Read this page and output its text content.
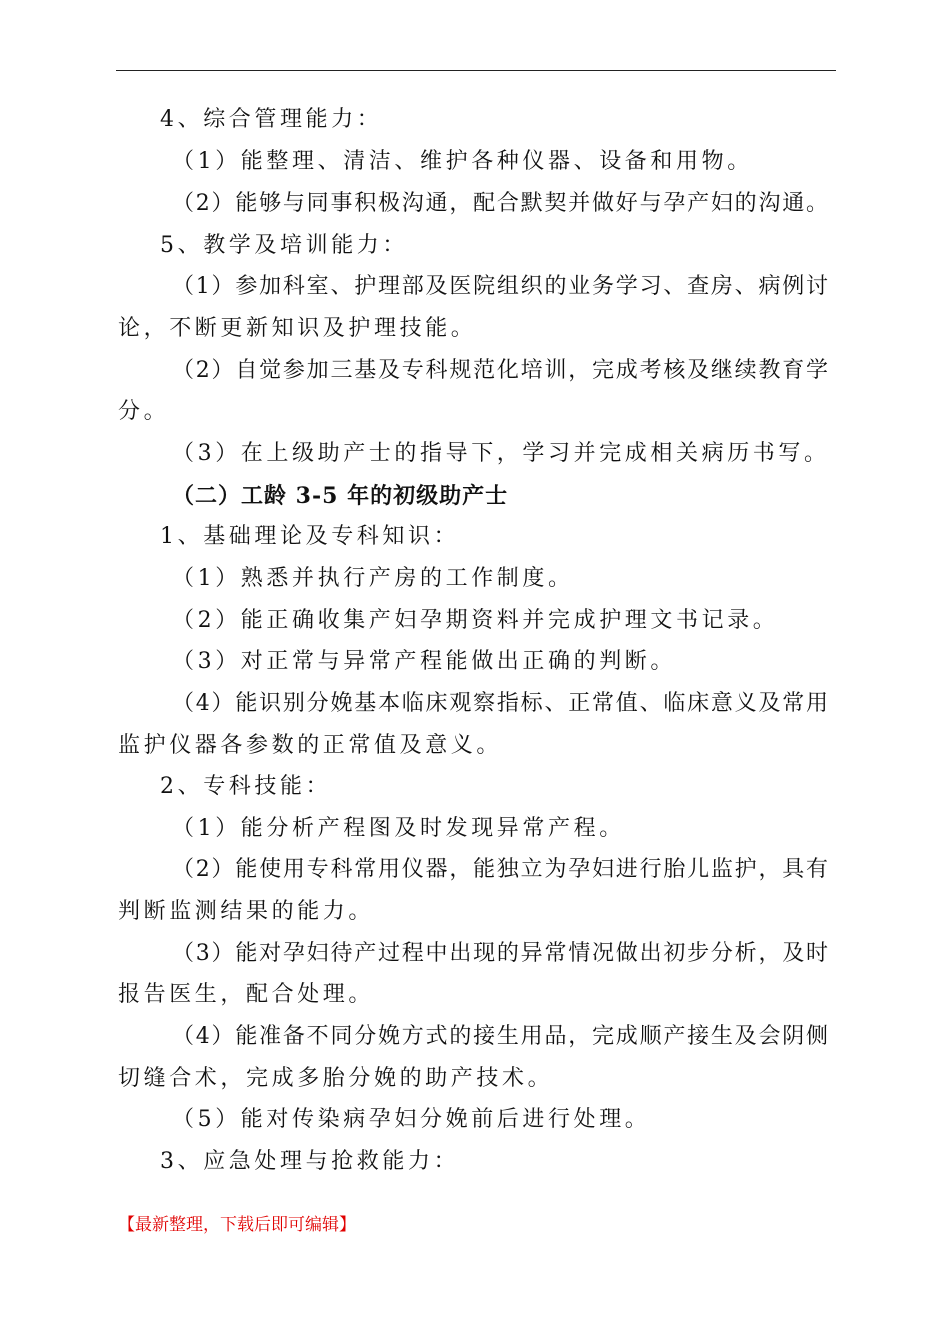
4、综合管理能力：
（1）能整理、清洁、维护各种仪器、设备和用物。
（2）能够与同事积极沟通，配合默契并做好与孕产妇的沟通。
5、教学及培训能力：
（1）参加科室、护理部及医院组织的业务学习、查房、病例讨
论，不断更新知识及护理技能。
（2）自觉参加三基及专科规范化培训，完成考核及继续教育学
分。
（3）在上级助产士的指导下，学习并完成相关病历书写。
（二）工龄 3-5 年的初级助产士
1、基础理论及专科知识：
（1）熟悉并执行产房的工作制度。
（2）能正确收集产妇孕期资料并完成护理文书记录。
（3）对正常与异常产程能做出正确的判断。
（4）能识别分娩基本临床观察指标、正常值、临床意义及常用
监护仪器各参数的正常值及意义。
2、专科技能：
（1）能分析产程图及时发现异常产程。
（2）能使用专科常用仪器，能独立为孕妇进行胎儿监护，具有
判断监测结果的能力。
（3）能对孕妇待产过程中出现的异常情况做出初步分析，及时
报告医生，配合处理。
（4）能准备不同分娩方式的接生用品，完成顺产接生及会阴侧
切缝合术，完成多胎分娩的助产技术。
（5）能对传染病孕妇分娩前后进行处理。
3、应急处理与抢救能力：
【最新整理，下载后即可编辑】
